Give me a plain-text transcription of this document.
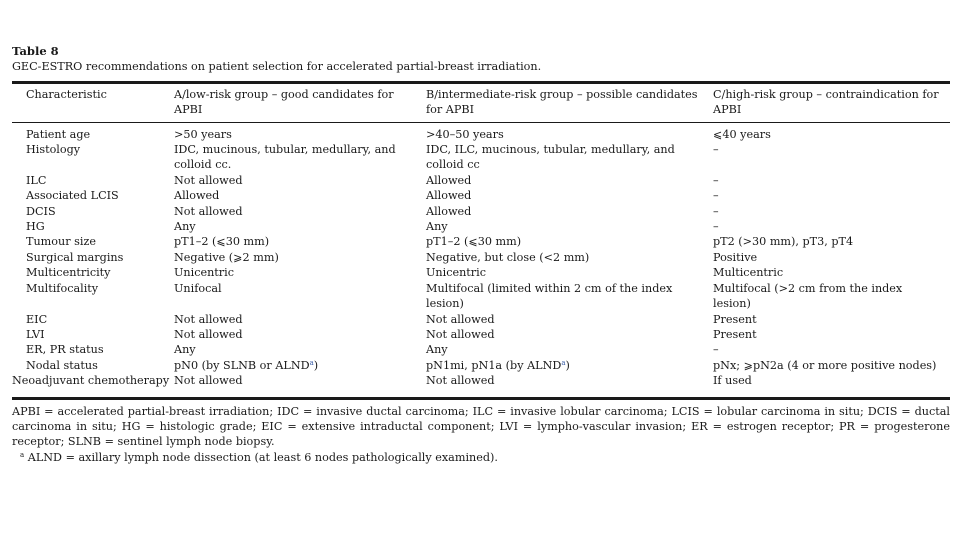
Table 8
GEC-ESTRO recommendations on patient selection for accelerated partial-breast irradiation.
Characteristic	A/low-risk group – good candidates for APBI	B/intermediate-risk group – possible candidates for APBI	C/high-risk group – contraindication for APBI

Patient age	>50 years	>40–50 years	⩽40 years

Histology	IDC, mucinous, tubular, medullary, and colloid cc.	IDC, ILC, mucinous, tubular, medullary, and colloid cc	–

ILC	Not allowed	Allowed	–

Associated LCIS	Allowed	Allowed	–

DCIS	Not allowed	Allowed	–

HG	Any	Any	–

Tumour size	pT1–2 (⩽30 mm)	pT1–2 (⩽30 mm)	pT2 (>30 mm), pT3, pT4

Surgical margins	Negative (⩾2 mm)	Negative, but close (<2 mm)	Positive

Multicentricity	Unicentric	Unicentric	Multicentric

Multifocality	Unifocal	Multifocal (limited within 2 cm of the index lesion)	Multifocal (>2 cm from the index lesion)

EIC	Not allowed	Not allowed	Present

LVI	Not allowed	Not allowed	Present

ER, PR status	Any	Any	–

Nodal status	pN0 (by SLNB or ALND$^a$)	pN1mi, pN1a (by ALND$^a$)	pNx; ⩾pN2a (4 or more positive nodes)

Neoadjuvant chemotherapy	Not allowed	Not allowed	If used
APBI = accelerated partial-breast irradiation; IDC = invasive ductal carcinoma; ILC = invasive lobular carcinoma; LCIS = lobular carcinoma in situ; DCIS = ductal carcinoma in situ; HG = histologic grade; EIC = extensive intraductal component; LVI = lympho-vascular invasion; ER = estrogen receptor; PR = progesterone receptor; SLNB = sentinel lymph node biopsy.
$^a$ ALND = axillary lymph node dissection (at least 6 nodes pathologically examined).
